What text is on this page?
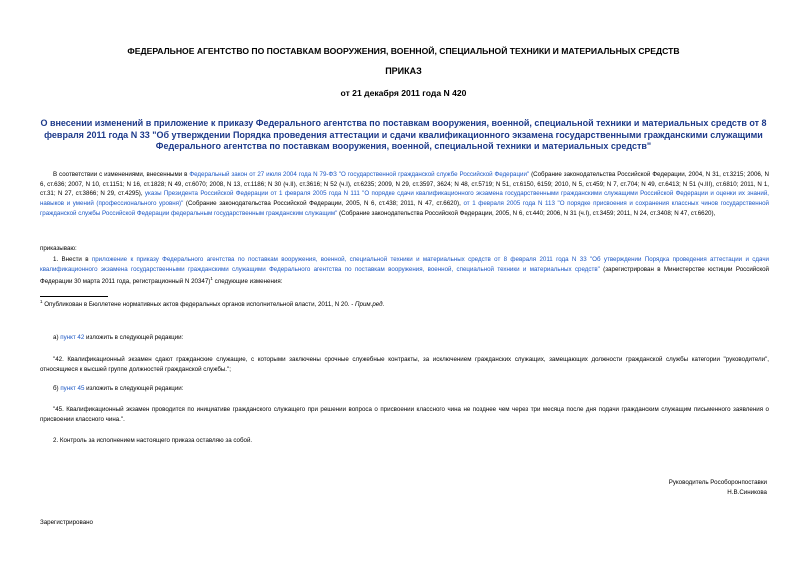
ФЕДЕРАЛЬНОЕ АГЕНТСТВО ПО ПОСТАВКАМ ВООРУЖЕНИЯ, ВОЕННОЙ, СПЕЦИАЛЬНОЙ ТЕХНИКИ И МАТЕРИАЛЬНЫХ СРЕДСТВ
ПРИКАЗ
от 21 декабря 2011 года N 420
О внесении изменений в приложение к приказу Федерального агентства по поставкам вооружения, военной, специальной техники и материальных средств от 8 февраля 2011 года N 33 "Об утверждении Порядка проведения аттестации и сдачи квалификационного экзамена государственными гражданскими служащими Федерального агентства по поставкам вооружения, военной, специальной техники и материальных средств"
В соответствии с изменениями, внесенными в Федеральный закон от 27 июля 2004 года N 79-ФЗ "О государственной гражданской службе Российской Федерации" (Собрание законодательства Российской Федерации, 2004, N 31, ст.3215; 2006, N 6, ст.636; 2007, N 10, ст.1151; N 16, ст.1828; N 49, ст.6070; 2008, N 13, ст.1186; N 30 (ч.II), ст.3616; N 52 (ч.I), ст.6235; 2009, N 29, ст.3597, 3624; N 48, ст.5719; N 51, ст.6150, 6159; 2010, N 5, ст.459; N 7, ст.704; N 49, ст.6413; N 51 (ч.III), ст.6810; 2011, N 1, ст.31; N 27, ст.3866; N 29, ст.4295), указы Президента Российской Федерации от 1 февраля 2005 года N 111 "О порядке сдачи квалификационного экзамена государственными гражданскими служащими Российской Федерации и оценки их знаний, навыков и умений (профессионального уровня)" (Собрание законодательства Российской Федерации, 2005, N 6, ст.438; 2011, N 47, ст.6620), от 1 февраля 2005 года N 113 "О порядке присвоения и сохранения классных чинов государственной гражданской службы Российской Федерации федеральным государственным гражданским служащим" (Собрание законодательства Российской Федерации, 2005, N 6, ст.440; 2006, N 31 (ч.I), ст.3459; 2011, N 24, ст.3408; N 47, ст.6620),
приказываю:
1. Внести в приложение к приказу Федерального агентства по поставкам вооружения, военной, специальной техники и материальных средств от 8 февраля 2011 года N 33 "Об утверждении Порядка проведения аттестации и сдачи квалификационного экзамена государственными гражданскими служащими Федерального агентства по поставкам вооружения, военной, специальной техники и материальных средств" (зарегистрирован в Министерстве юстиции Российской Федерации 30 марта 2011 года, регистрационный N 20347)$^1$ следующие изменения:
$^1$ Опубликован в Бюллетене нормативных актов федеральных органов исполнительной власти, 2011, N 20. - Прим.ред.
а) пункт 42 изложить в следующей редакции:
"42. Квалификационный экзамен сдают гражданские служащие, с которыми заключены срочные служебные контракты, за исключением гражданских служащих, замещающих должности гражданской службы категории "руководители", относящиеся к высшей группе должностей гражданской службы.";
б) пункт 45 изложить в следующей редакции:
"45. Квалификационный экзамен проводится по инициативе гражданского служащего при решении вопроса о присвоении классного чина не позднее чем через три месяца после дня подачи гражданским служащим письменного заявления о присвоении классного чина.".
2. Контроль за исполнением настоящего приказа оставляю за собой.
Руководитель Рособоронпоставки
Н.В.Синикова
Зарегистрировано
